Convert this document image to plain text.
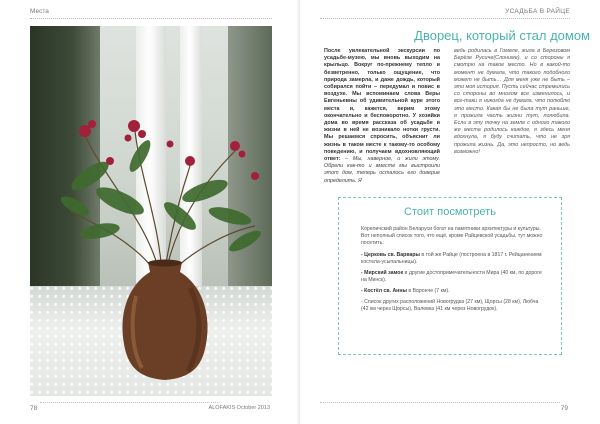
Места
78	ALOFAKIS October 2013
УСАДЬБА В РАЙЦЕ
Дворец, который стал домом
После увлекательной экскурсии по усадьбе-музею, мы вновь выходим на крыльцо. Вокруг по-прежнему тепло и безветренно, только ощущение, что природа замерла, и даже дождь, который собирался пойти – передумал и повис в воздухе. Мы вспоминаем слова Веры Евгеньевны об удивительной ауре этого места и, кажется, верим этому окончательно и бесповоротно. У хозяйки дома во время рассказа об усадьбе и жизни в ней не возникало нотки грусти. Мы решаемся спросить, объяснит ли жизнь в таком месте к такому-то особому поведению, и получаем вдохновляющий ответ: – Мы, наверное, и жили этому. Обрели как-то и вместе мы выстроили этот дом, теперь осталось его доверие определить. Я
ведь родилась в Гомеле, жила в Березовом Берёзе Русиче(Слониме), и со стороны я смотрю на такое место. Но в какой-то момент не думала, что такого подобного может не быть… Для меня уже не быть – это моя история. Пусть сейчас стремились со стороны во многом все изменилось, и все-таки я никогда не думала, что полюблю это место. Какая бы не была тут раньше, я прожила часть жизни тут, полюбила. Если в эту точку на земле с одного такого же места родилось каждое, я здесь меня вдохнула, я буду считать, что не зря прожила жизнь. Да, это непросто, но ведь возможно!
Стоит посмотреть
Кореличский район Беларуси богат на памятники архитектуры и культуры. Вот неполный список того, что ещё, кроме Райцевской усадьбы, тут можно посетить:
- Церковь св. Варвары в той же Райце (построена в 1817 г. Рейцанением костела-усыпальницы).
- Мирский замок и другие достопримечательности Мира (40 км, по дороге на Минск).
- Костёл св. Анны в Воронче (7 км).
- Список других расположений Новогрудка (27 км), Щорсы (28 км), Любча (42 км через Щорсы), Валевка (41 км через Новогрудок).
79
